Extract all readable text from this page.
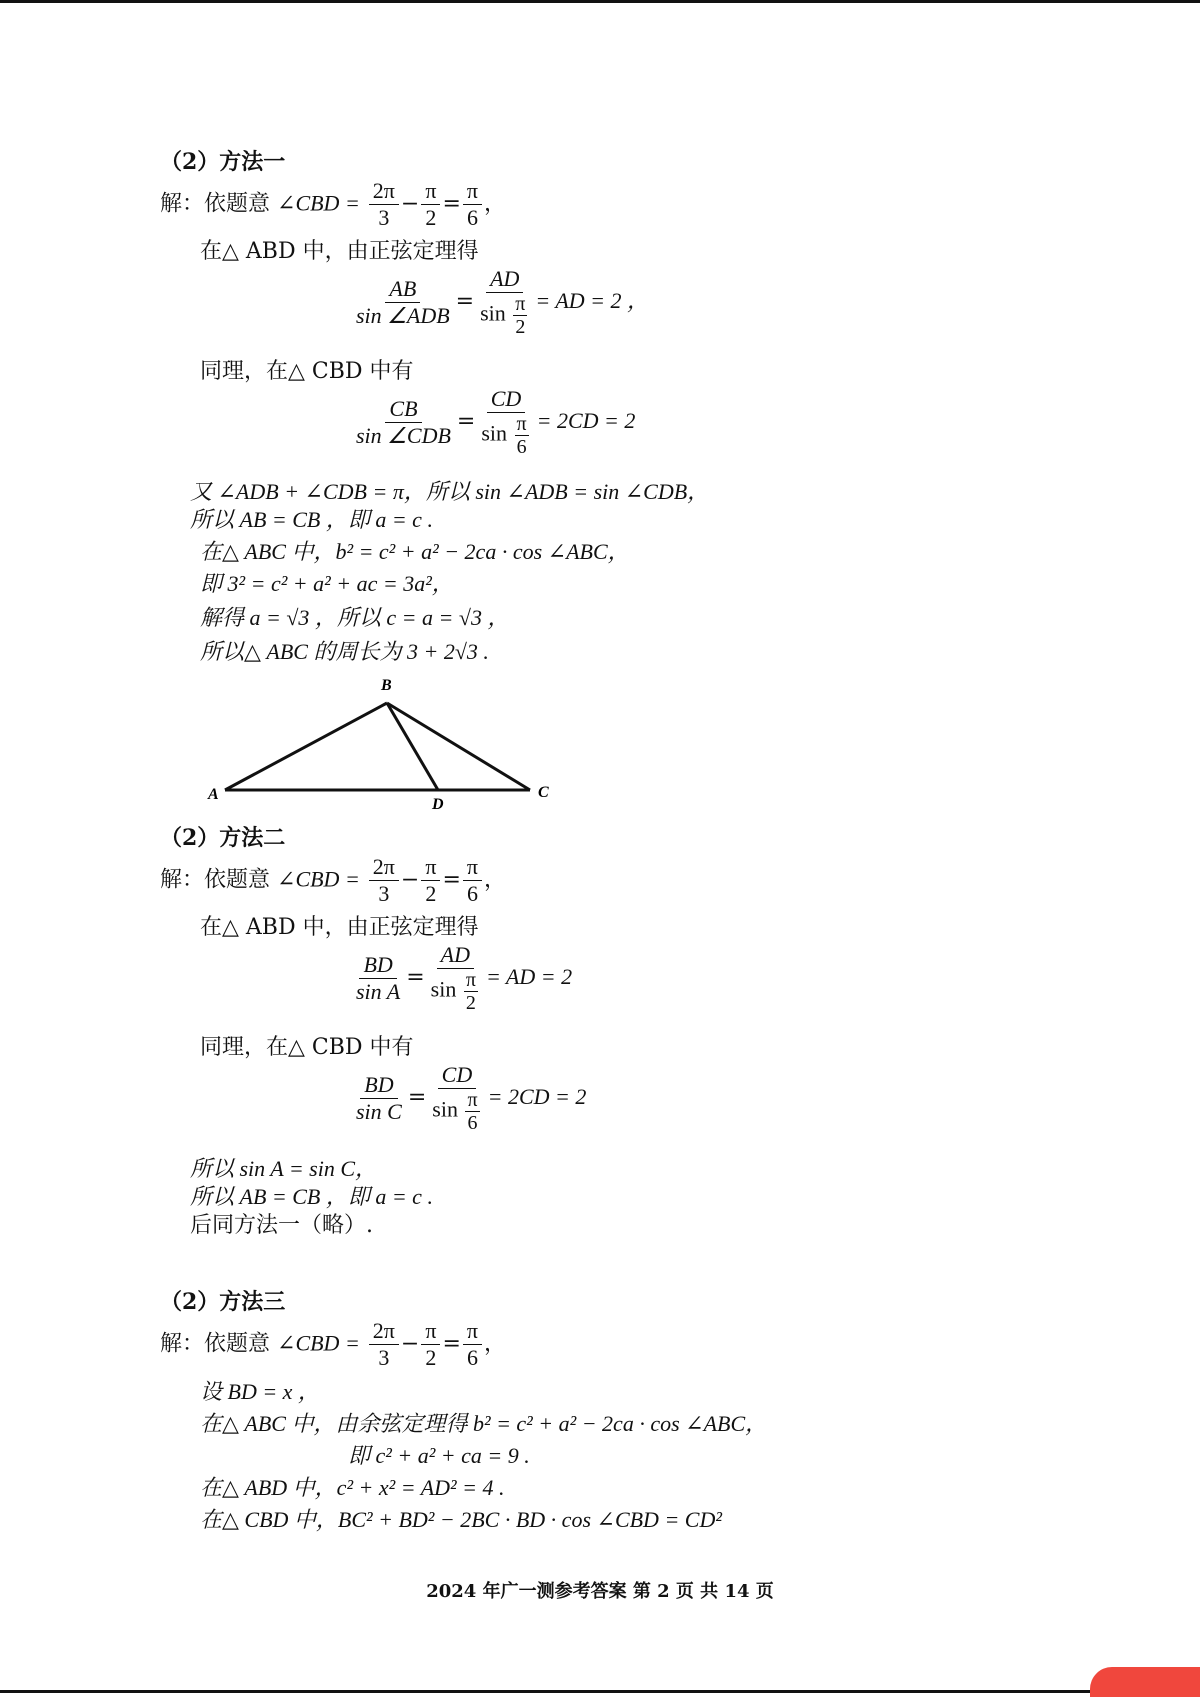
（2）方法一
解：依题意 ∠CBD = $\frac{2\pi}{3} - \frac{\pi}{2} = \frac{\pi}{6}$ ，
在△ ABD 中，由正弦定理得
$\frac{AB}{\text{sin ∠ADB}} = \frac{AD}{\sin \frac{\pi}{2}}$ = AD = 2 ，
同理，在△ CBD 中有
$\frac{CB}{\text{sin ∠CDB}} = \frac{CD}{\sin \frac{\pi}{6}} = 2CD = 2$
又 ∠ADB + ∠CDB = π，所以 sin ∠ADB = sin ∠CDB，
所以 AB = CB ，即 a = c .
在△ ABC 中，b² = c² + a² − 2ca · cos ∠ABC，
即 3² = c² + a² + ac = 3a²，
解得 a = √3 ，所以 c = a = √3 ，
所以△ ABC 的周长为 3 + 2√3 .
B
A
D
C
（2）方法二
解：依题意 ∠CBD = $\frac{2\pi}{3} - \frac{\pi}{2} = \frac{\pi}{6}$ ，
在△ ABD 中，由正弦定理得
$\frac{BD}{\text{sin A}} = \frac{AD}{\sin \frac{\pi}{2}}$ = AD = 2
同理，在△ CBD 中有
$\frac{BD}{\text{sin C}} = \frac{CD}{\sin \frac{\pi}{6}} = 2CD = 2$
所以 sin A = sin C，
所以 AB = CB ，即 a = c .
后同方法一（略）.
（2）方法三
解：依题意 ∠CBD = $\frac{2\pi}{3} - \frac{\pi}{2} = \frac{\pi}{6}$ ，
设 BD = x ，
在△ ABC 中，由余弦定理得 b² = c² + a² − 2ca · cos ∠ABC，
即 c² + a² + ca = 9 .
在△ ABD 中，c² + x² = AD² = 4 .
在△ CBD 中，BC² + BD² − 2BC · BD · cos ∠CBD = CD²
2024 年广一测参考答案 第 2 页 共 14 页
